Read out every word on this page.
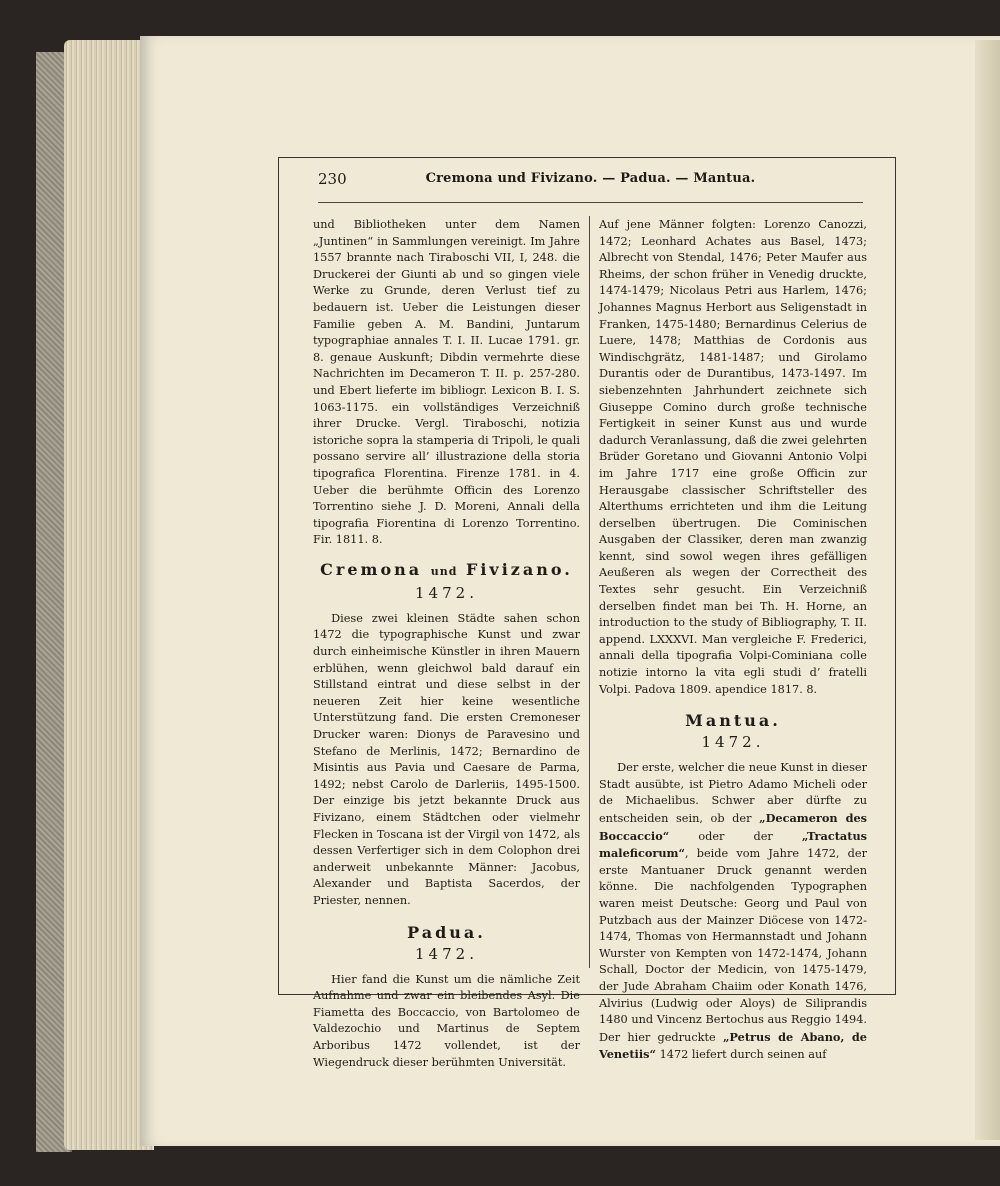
230	Cremona und Fivizano. — Padua. — Mantua.

und Bibliotheken unter dem Namen „Juntinen“ in Sammlungen vereinigt. Im Jahre 1557 brannte nach Tiraboschi VII, I, 248. die Druckerei der Giunti ab und so gingen viele Werke zu Grunde, deren Verlust tief zu bedauern ist. Ueber die Leistungen dieser Familie geben A. M. Bandini, Juntarum typographiae annales T. I. II. Lucae 1791. gr. 8. genaue Auskunft; Dibdin vermehrte diese Nachrichten im Decameron T. II. p. 257-280. und Ebert lieferte im bibliogr. Lexicon B. I. S. 1063-1175. ein vollständiges Verzeichniß ihrer Drucke. Vergl. Tiraboschi, notizia istoriche sopra la stamperia di Tripoli, le quali possano servire all’ illustrazione della storia tipografica Florentina. Firenze 1781. in 4. Ueber die berühmte Officin des Lorenzo Torrentino siehe J. D. Moreni, Annali della tipografia Fiorentina di Lorenzo Torrentino. Fir. 1811. 8.

Cremona und Fivizano.
1472.

Diese zwei kleinen Städte sahen schon 1472 die typographische Kunst und zwar durch einheimische Künstler in ihren Mauern erblühen, wenn gleichwol bald darauf ein Stillstand eintrat und diese selbst in der neueren Zeit hier keine wesentliche Unterstützung fand. Die ersten Cremoneser Drucker waren: Dionys de Paravesino und Stefano de Merlinis, 1472; Bernardino de Misintis aus Pavia und Caesare de Parma, 1492; nebst Carolo de Darleriis, 1495-1500. Der einzige bis jetzt bekannte Druck aus Fivizano, einem Städtchen oder vielmehr Flecken in Toscana ist der Virgil von 1472, als dessen Verfertiger sich in dem Colophon drei anderweit unbekannte Männer: Jacobus, Alexander und Baptista Sacerdos, der Priester, nennen.

Padua.
1472.

Hier fand die Kunst um die nämliche Zeit Aufnahme und zwar ein bleibendes Asyl. Die Fiametta des Boccaccio, von Bartolomeo de Valdezochio und Martinus de Septem Arboribus 1472 vollendet, ist der Wiegendruck dieser berühmten Universität.

Auf jene Männer folgten: Lorenzo Canozzi, 1472; Leonhard Achates aus Basel, 1473; Albrecht von Stendal, 1476; Peter Maufer aus Rheims, der schon früher in Venedig druckte, 1474-1479; Nicolaus Petri aus Harlem, 1476; Johannes Magnus Herbort aus Seligenstadt in Franken, 1475-1480; Bernardinus Celerius de Luere, 1478; Matthias de Cordonis aus Windischgrätz, 1481-1487; und Girolamo Durantis oder de Durantibus, 1473-1497. Im siebenzehnten Jahrhundert zeichnete sich Giuseppe Comino durch große technische Fertigkeit in seiner Kunst aus und wurde dadurch Veranlassung, daß die zwei gelehrten Brüder Goretano und Giovanni Antonio Volpi im Jahre 1717 eine große Officin zur Herausgabe classischer Schriftsteller des Alterthums errichteten und ihm die Leitung derselben übertrugen. Die Cominischen Ausgaben der Classiker, deren man zwanzig kennt, sind sowol wegen ihres gefälligen Aeußeren als wegen der Correctheit des Textes sehr gesucht. Ein Verzeichniß derselben findet man bei Th. H. Horne, an introduction to the study of Bibliography, T. II. append. LXXXVI. Man vergleiche F. Frederici, annali della tipografia Volpi-Cominiana colle notizie intorno la vita egli studi d’ fratelli Volpi. Padova 1809. apendice 1817. 8.

Mantua.
1472.

Der erste, welcher die neue Kunst in dieser Stadt ausübte, ist Pietro Adamo Micheli oder de Michaelibus. Schwer aber dürfte zu entscheiden sein, ob der „Decameron des Boccaccio“	oder der	„Tractatus maleficorum“, beide vom Jahre 1472, der erste Mantuaner Druck genannt werden könne. Die nachfolgenden Typographen waren meist Deutsche: Georg und Paul von Putzbach aus der Mainzer Diöcese von 1472-1474, Thomas von Hermannstadt und Johann Wurster von Kempten von 1472-1474, Johann Schall, Doctor der Medicin, von 1475-1479, der Jude Abraham Chaiim oder Konath 1476, Alvirius (Ludwig oder Aloys) de Siliprandis 1480 und Vincenz Bertochus aus Reggio 1494. Der hier gedruckte „Petrus de Abano, de Venetiis“ 1472 liefert durch seinen auf
